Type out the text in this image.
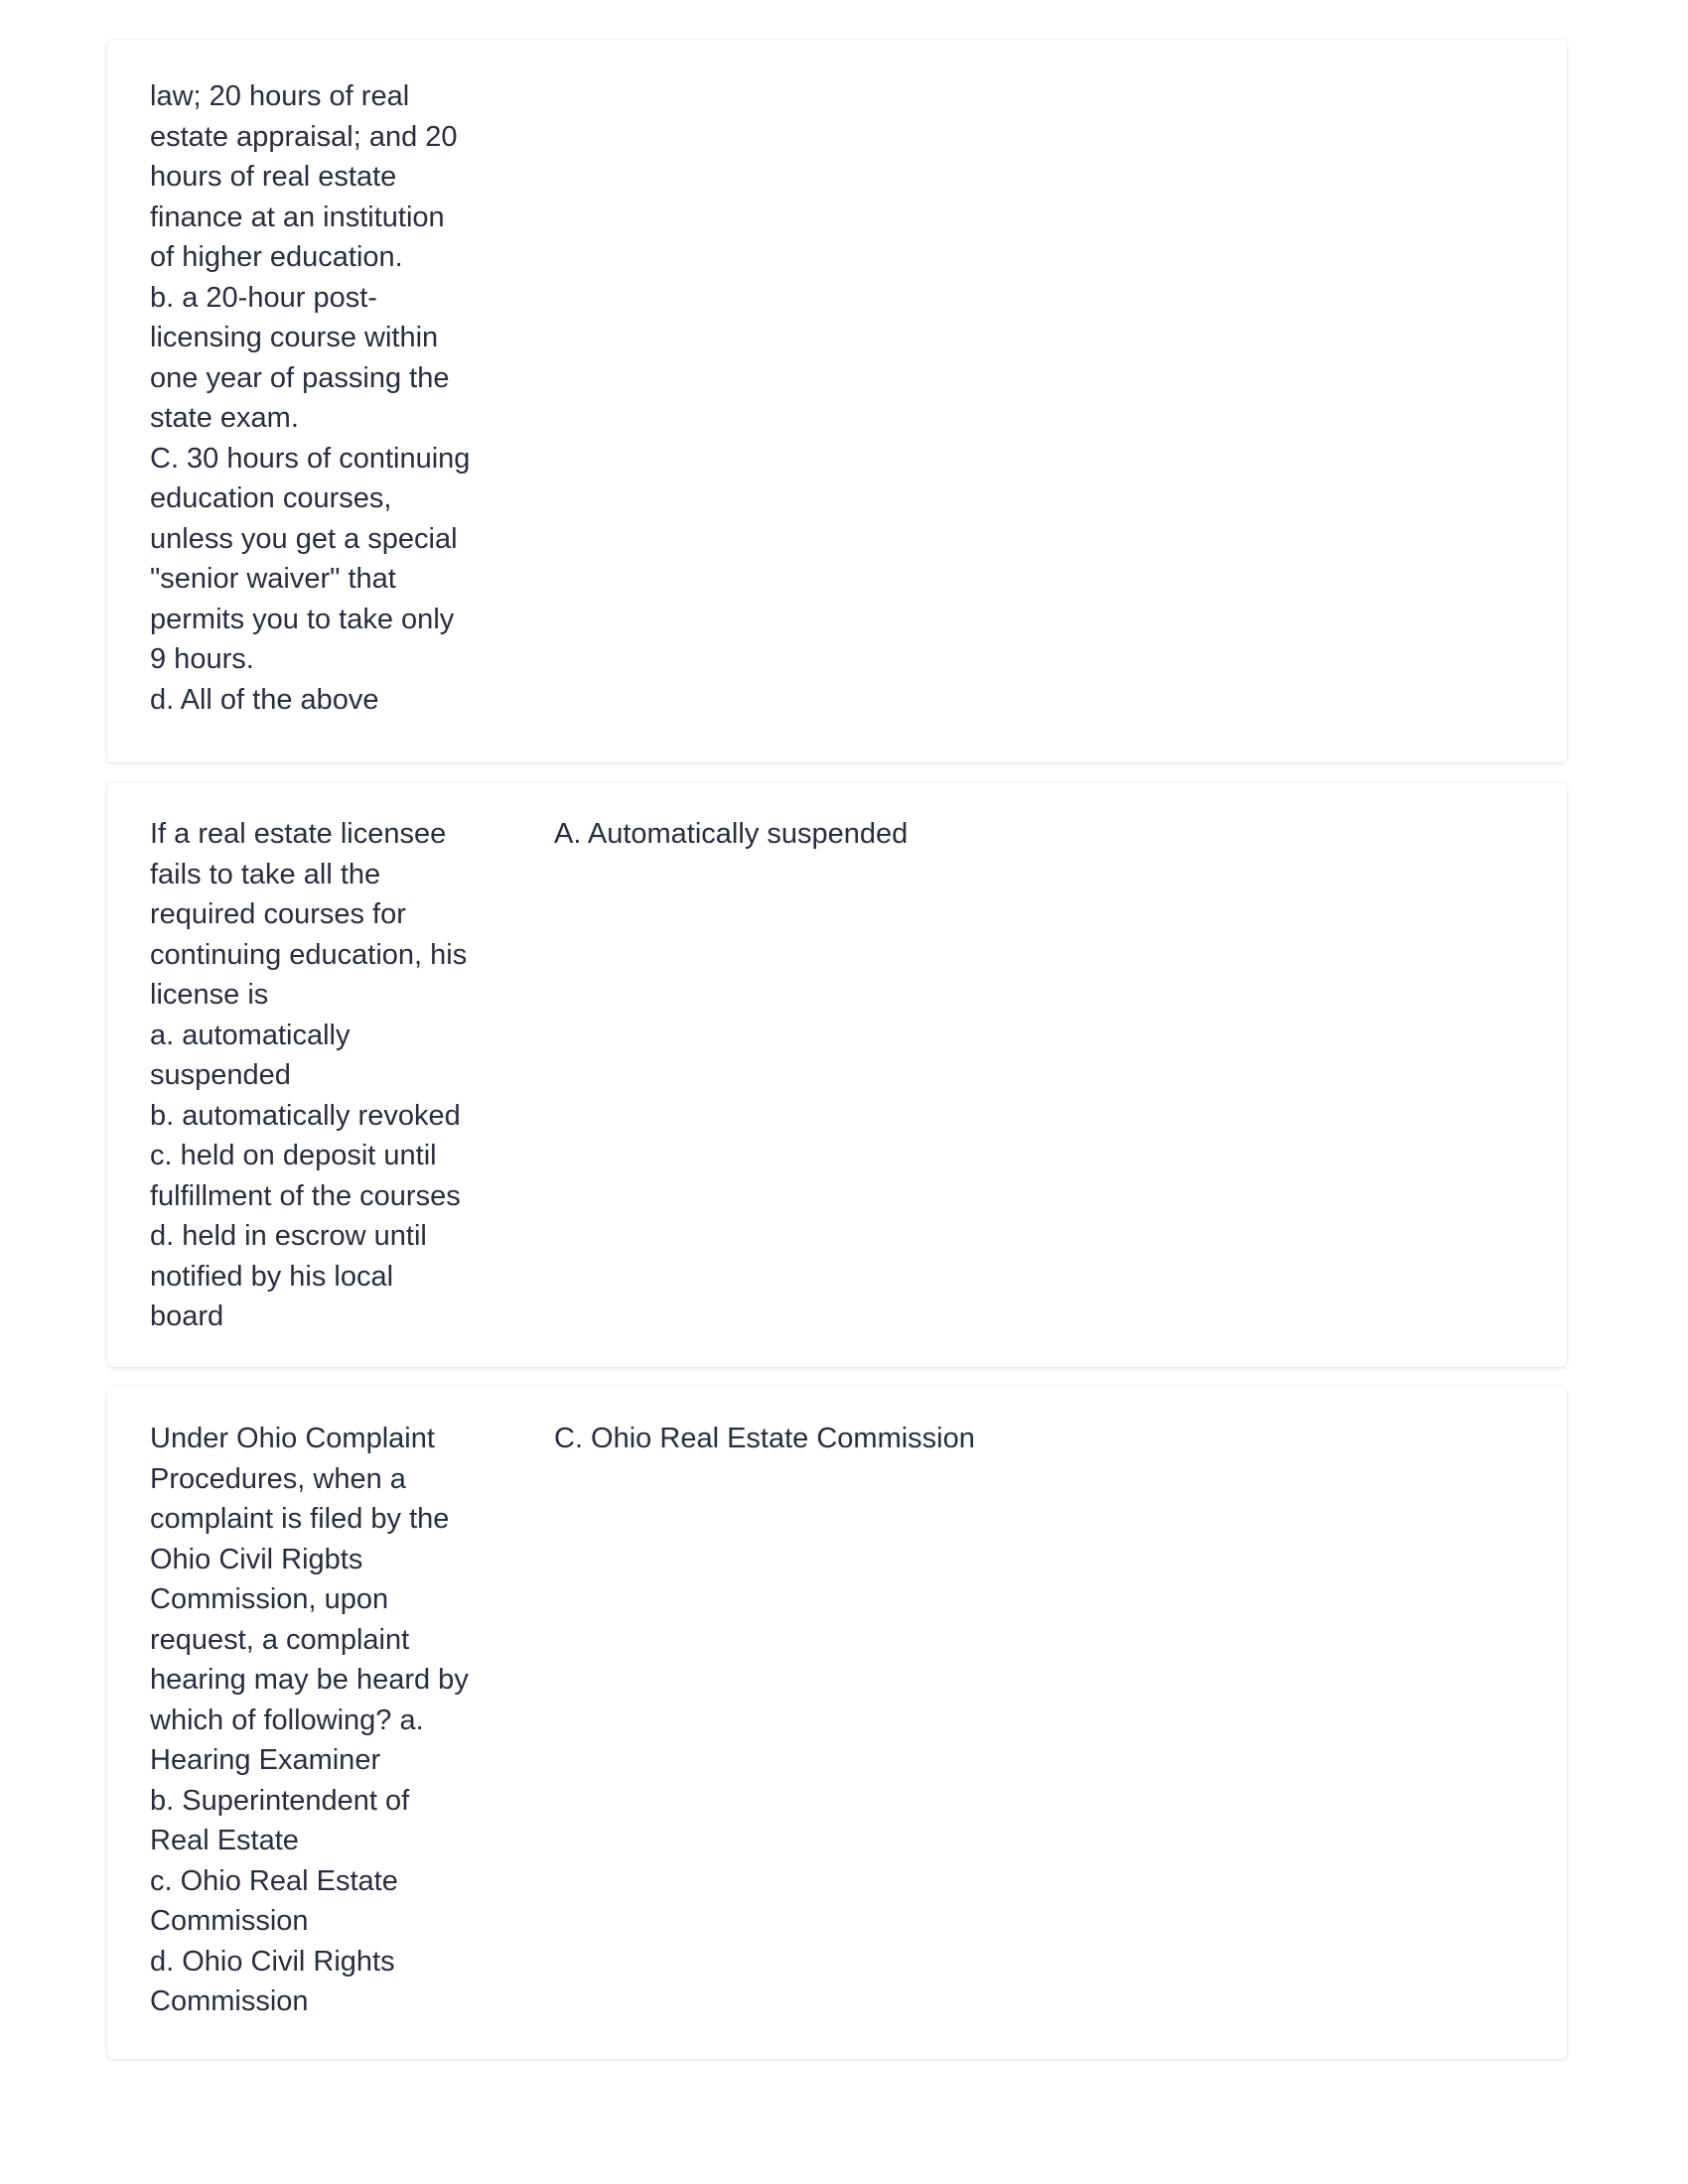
law; 20 hours of real
estate appraisal; and 20
hours of real estate
finance at an institution
of higher education.
b. a 20-hour post-
licensing course within
one year of passing the
state exam.
C. 30 hours of continuing
education courses,
unless you get a special
"senior waiver" that
permits you to take only
9 hours.
d. All of the above
If a real estate licensee
fails to take all the
required courses for
continuing education, his
license is
a. automatically
suspended
b. automatically revoked
c. held on deposit until
fulfillment of the courses
d. held in escrow until
notified by his local
board
A. Automatically suspended
Under Ohio Complaint
Procedures, when a
complaint is filed by the
Ohio Civil Rigbts
Commission, upon
request, a complaint
hearing may be heard by
which of following? a.
Hearing Examiner
b. Superintendent of
Real Estate
c. Ohio Real Estate
Commission
d. Ohio Civil Rights
Commission
C. Ohio Real Estate Commission
